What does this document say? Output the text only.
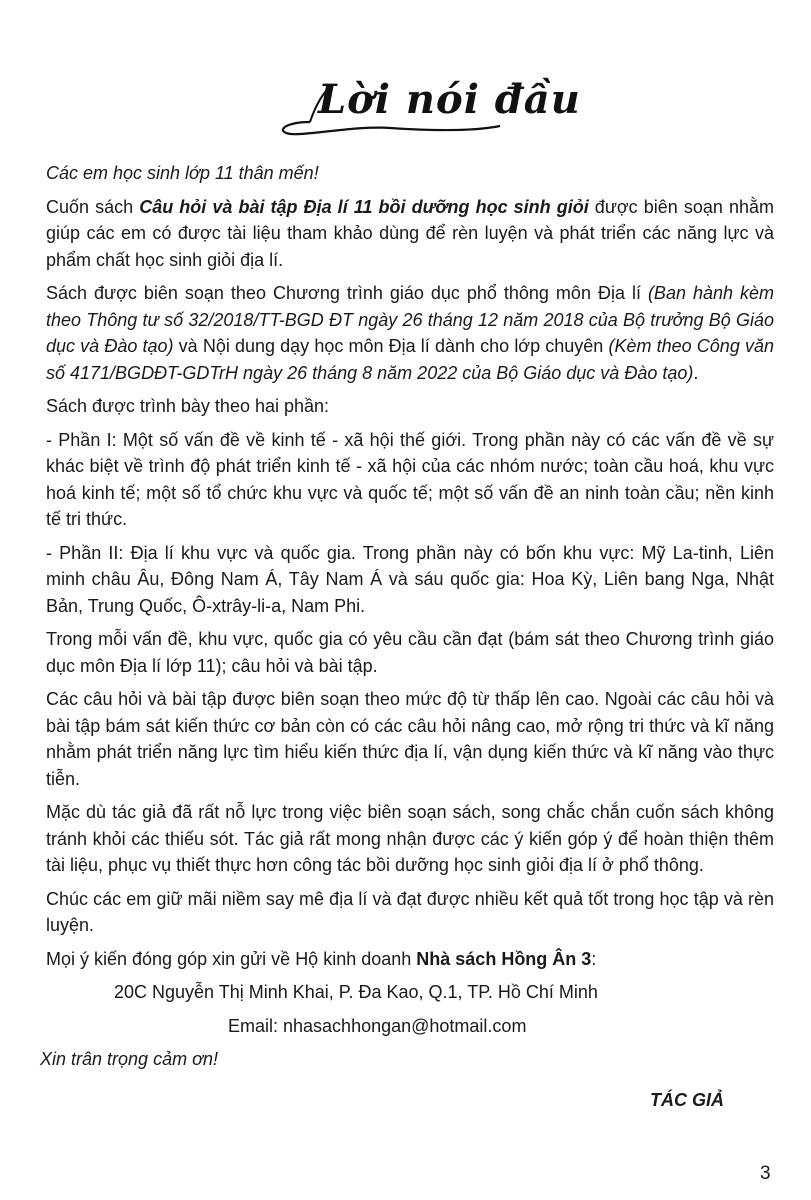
Lời nói đầu

Các em học sinh lớp 11 thân mến!

Cuốn sách Câu hỏi và bài tập Địa lí 11 bồi dưỡng học sinh giỏi được biên soạn nhằm giúp các em có được tài liệu tham khảo dùng để rèn luyện và phát triển các năng lực và phẩm chất học sinh giỏi địa lí.

Sách được biên soạn theo Chương trình giáo dục phổ thông môn Địa lí (Ban hành kèm theo Thông tư số 32/2018/TT-BGD ĐT ngày 26 tháng 12 năm 2018 của Bộ trưởng Bộ Giáo dục và Đào tạo) và Nội dung dạy học môn Địa lí dành cho lớp chuyên (Kèm theo Công văn số 4171/BGDĐT-GDTrH ngày 26 tháng 8 năm 2022 của Bộ Giáo dục và Đào tạo).

Sách được trình bày theo hai phần:

- Phần I: Một số vấn đề về kinh tế - xã hội thế giới. Trong phần này có các vấn đề về sự khác biệt về trình độ phát triển kinh tế - xã hội của các nhóm nước; toàn cầu hoá, khu vực hoá kinh tế; một số tổ chức khu vực và quốc tế; một số vấn đề an ninh toàn cầu; nền kinh tế tri thức.

- Phần II: Địa lí khu vực và quốc gia. Trong phần này có bốn khu vực: Mỹ La-tinh, Liên minh châu Âu, Đông Nam Á, Tây Nam Á và sáu quốc gia: Hoa Kỳ, Liên bang Nga, Nhật Bản, Trung Quốc, Ô-xtrây-li-a, Nam Phi.

Trong mỗi vấn đề, khu vực, quốc gia có yêu cầu cần đạt (bám sát theo Chương trình giáo dục môn Địa lí lớp 11); câu hỏi và bài tập.

Các câu hỏi và bài tập được biên soạn theo mức độ từ thấp lên cao. Ngoài các câu hỏi và bài tập bám sát kiến thức cơ bản còn có các câu hỏi nâng cao, mở rộng tri thức và kĩ năng nhằm phát triển năng lực tìm hiểu kiến thức địa lí, vận dụng kiến thức và kĩ năng vào thực tiễn.

Mặc dù tác giả đã rất nỗ lực trong việc biên soạn sách, song chắc chắn cuốn sách không tránh khỏi các thiếu sót. Tác giả rất mong nhận được các ý kiến góp ý để hoàn thiện thêm tài liệu, phục vụ thiết thực hơn công tác bồi dưỡng học sinh giỏi địa lí ở phổ thông.

Chúc các em giữ mãi niềm say mê địa lí và đạt được nhiều kết quả tốt trong học tập và rèn luyện.

Mọi ý kiến đóng góp xin gửi về Hộ kinh doanh Nhà sách Hồng Ân 3:

20C Nguyễn Thị Minh Khai, P. Đa Kao, Q.1, TP. Hồ Chí Minh

Email: nhasachhongan@hotmail.com

Xin trân trọng cảm ơn!

TÁC GIẢ

3
